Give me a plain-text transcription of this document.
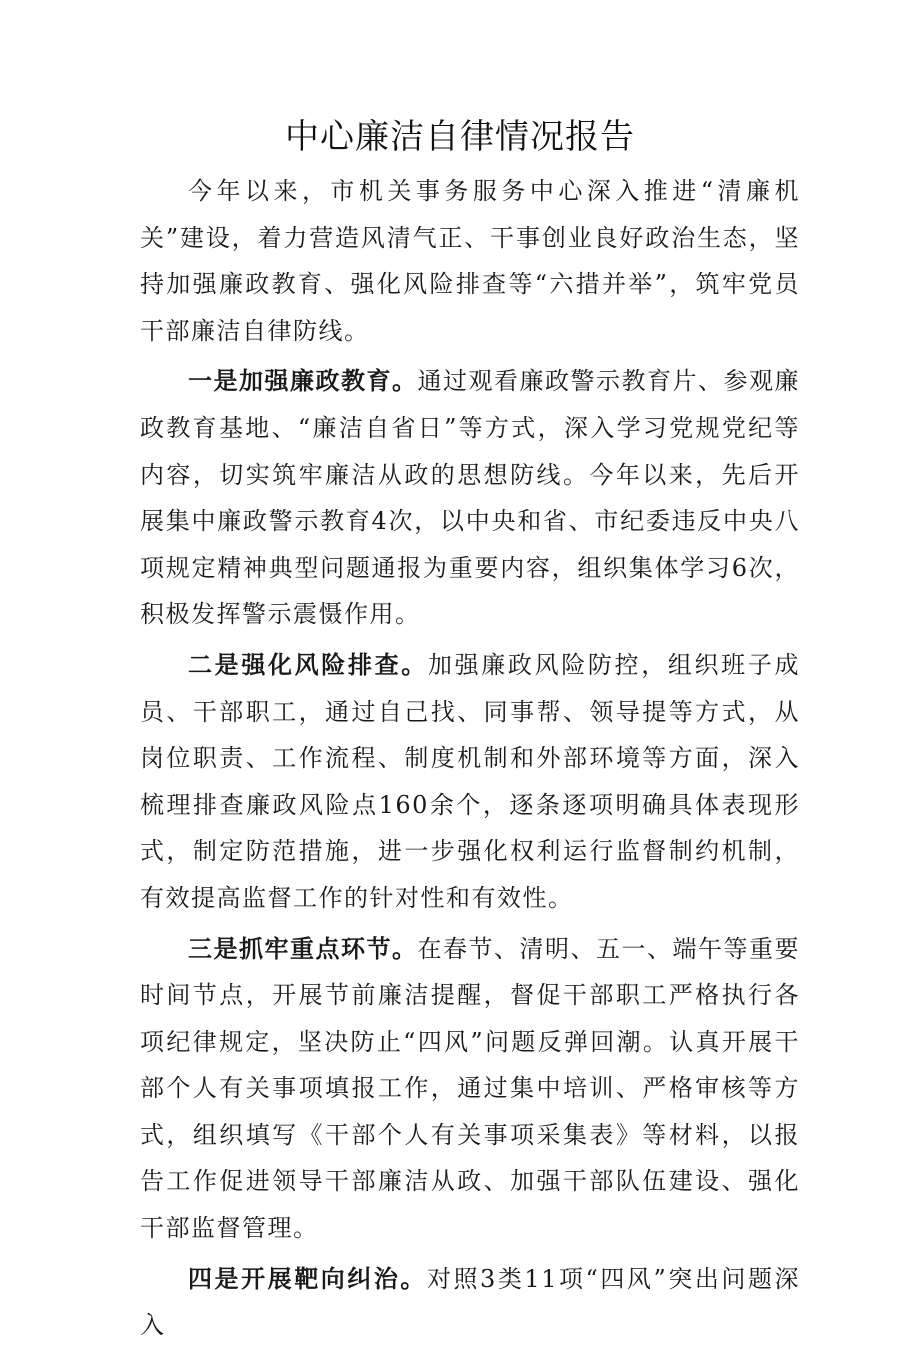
中心廉洁自律情况报告

今年以来，市机关事务服务中心深入推进“清廉机关”建设，着力营造风清气正、干事创业良好政治生态，坚持加强廉政教育、强化风险排查等“六措并举”，筑牢党员干部廉洁自律防线。

一是加强廉政教育。通过观看廉政警示教育片、参观廉政教育基地、“廉洁自省日”等方式，深入学习党规党纪等内容，切实筑牢廉洁从政的思想防线。今年以来，先后开展集中廉政警示教育4次，以中央和省、市纪委违反中央八项规定精神典型问题通报为重要内容，组织集体学习6次，积极发挥警示震慑作用。

二是强化风险排查。加强廉政风险防控，组织班子成员、干部职工，通过自己找、同事帮、领导提等方式，从岗位职责、工作流程、制度机制和外部环境等方面，深入梳理排查廉政风险点160余个，逐条逐项明确具体表现形式，制定防范措施，进一步强化权利运行监督制约机制，有效提高监督工作的针对性和有效性。

三是抓牢重点环节。在春节、清明、五一、端午等重要时间节点，开展节前廉洁提醒，督促干部职工严格执行各项纪律规定，坚决防止“四风”问题反弹回潮。认真开展干部个人有关事项填报工作，通过集中培训、严格审核等方式，组织填写《干部个人有关事项采集表》等材料，以报告工作促进领导干部廉洁从政、加强干部队伍建设、强化干部监督管理。

四是开展靶向纠治。对照3类11项“四风”突出问题深入
